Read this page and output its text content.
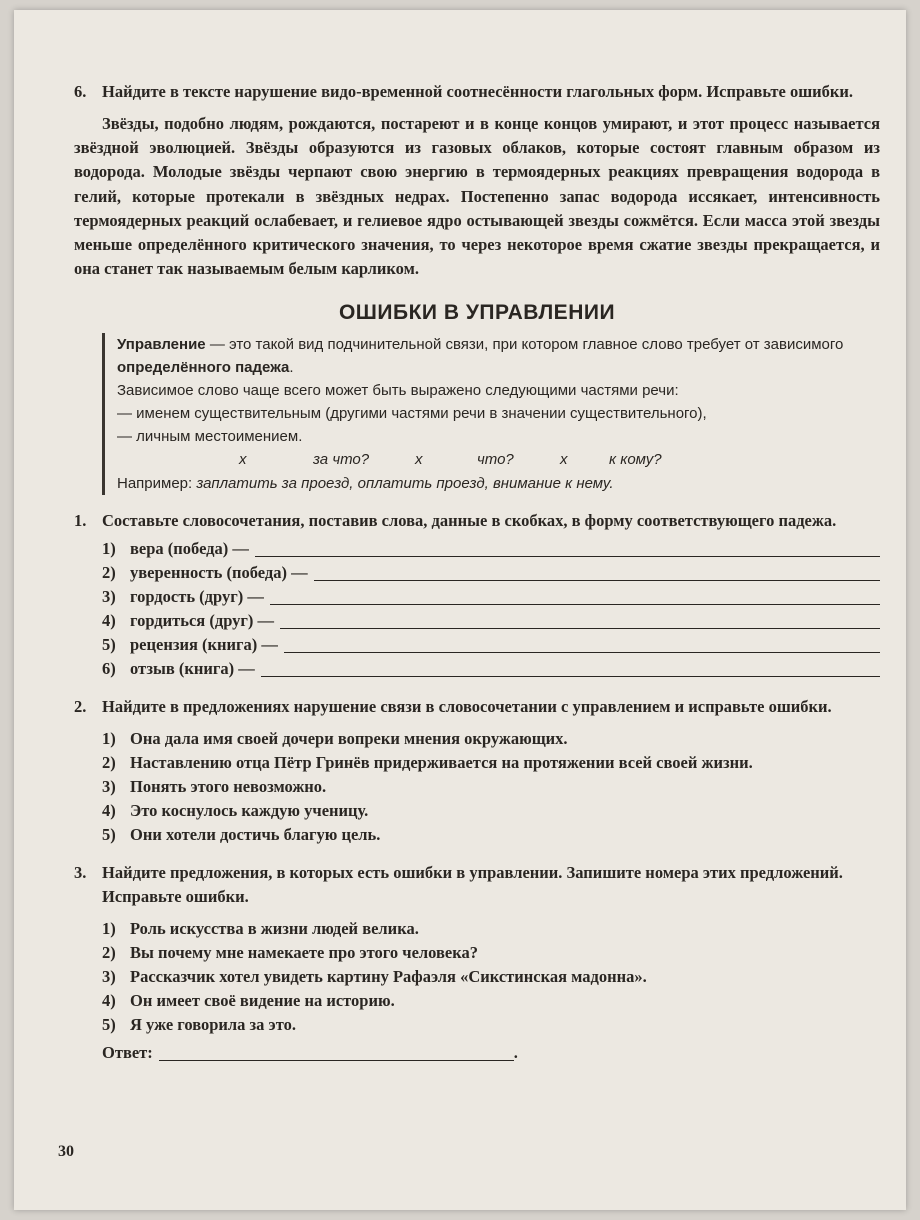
6. Найдите в тексте нарушение видо-временной соотнесённости глагольных форм. Исправьте ошибки.
Звёзды, подобно людям, рождаются, постареют и в конце концов умирают, и этот процесс называется звёздной эволюцией. Звёзды образуются из газовых облаков, которые состоят главным образом из водорода. Молодые звёзды черпают свою энергию в термоядерных реакциях превращения водорода в гелий, которые протекали в звёздных недрах. Постепенно запас водорода иссякает, интенсивность термоядерных реакций ослабевает, и гелиевое ядро остывающей звезды сожмётся. Если масса этой звезды меньше определённого критического значения, то через некоторое время сжатие звезды прекращается, и она станет так называемым белым карликом.
ОШИБКИ В УПРАВЛЕНИИ
Управление — это такой вид подчинительной связи, при котором главное слово требует от зависимого определённого падежа.
Зависимое слово чаще всего может быть выражено следующими частями речи:
— именем существительным (другими частями речи в значении существительного),
— личным местоимением.
x	за что?	x	что?	x	к кому?
Например: заплатить за проезд, оплатить проезд, внимание к нему.
1. Составьте словосочетания, поставив слова, данные в скобках, в форму соответствующего падежа.
1) вера (победа) —
2) уверенность (победа) —
3) гордость (друг) —
4) гордиться (друг) —
5) рецензия (книга) —
6) отзыв (книга) —
2. Найдите в предложениях нарушение связи в словосочетании с управлением и исправьте ошибки.
1) Она дала имя своей дочери вопреки мнения окружающих.
2) Наставлению отца Пётр Гринёв придерживается на протяжении всей своей жизни.
3) Понять этого невозможно.
4) Это коснулось каждую ученицу.
5) Они хотели достичь благую цель.
3. Найдите предложения, в которых есть ошибки в управлении. Запишите номера этих предложений. Исправьте ошибки.
1) Роль искусства в жизни людей велика.
2) Вы почему мне намекаете про этого человека?
3) Рассказчик хотел увидеть картину Рафаэля «Сикстинская мадонна».
4) Он имеет своё видение на историю.
5) Я уже говорила за это.
Ответ:	.
30
